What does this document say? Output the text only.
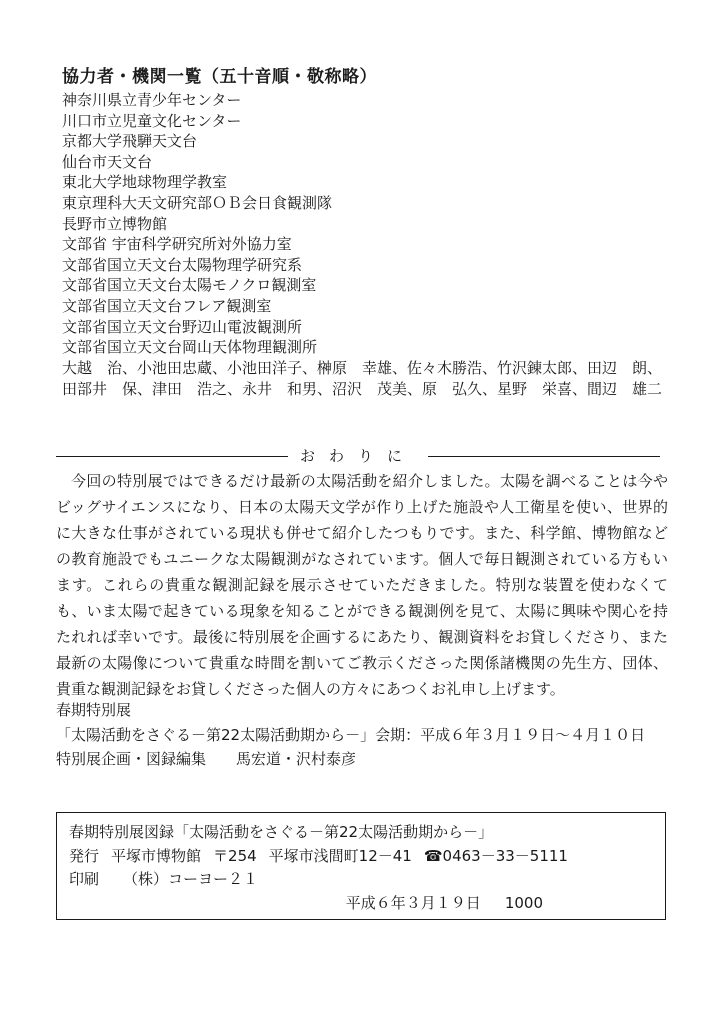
協力者・機関一覧（五十音順・敬称略）
神奈川県立青少年センター
川口市立児童文化センター
京都大学飛騨天文台
仙台市天文台
東北大学地球物理学教室
東京理科大天文研究部ＯＢ会日食観測隊
長野市立博物館
文部省 宇宙科学研究所対外協力室
文部省国立天文台太陽物理学研究系
文部省国立天文台太陽モノクロ観測室
文部省国立天文台フレア観測室
文部省国立天文台野辺山電波観測所
文部省国立天文台岡山天体物理観測所
大越　治、小池田忠蔵、小池田洋子、榊原　幸雄、佐々木勝浩、竹沢錬太郎、田辺　朗、
田部井　保、津田　浩之、永井　和男、沼沢　茂美、原　弘久、星野　栄喜、間辺　雄二
おわりに
今回の特別展ではできるだけ最新の太陽活動を紹介しました。太陽を調べることは今やビッグサイエンスになり、日本の太陽天文学が作り上げた施設や人工衛星を使い、世界的に大きな仕事がされている現状も併せて紹介したつもりです。また、科学館、博物館などの教育施設でもユニークな太陽観測がなされています。個人で毎日観測されている方もいます。これらの貴重な観測記録を展示させていただきました。特別な装置を使わなくても、いま太陽で起きている現象を知ることができる観測例を見て、太陽に興味や関心を持たれれば幸いです。最後に特別展を企画するにあたり、観測資料をお貸しくださり、また最新の太陽像について貴重な時間を割いてご教示くださった関係諸機関の先生方、団体、貴重な観測記録をお貸しくださった個人の方々にあつくお礼申し上げます。
春期特別展
「太陽活動をさぐる－第22太陽活動期から－」会期：平成６年３月１９日～４月１０日
特別展企画・図録編集　　馬宏道・沢村泰彦
春期特別展図録「太陽活動をさぐる－第22太陽活動期から－」
発行 平塚市博物館 〒254 平塚市浅間町12－41 ☎0463－33－5111
印刷 （株）コーヨー２１
平成６年３月１９日 1000
